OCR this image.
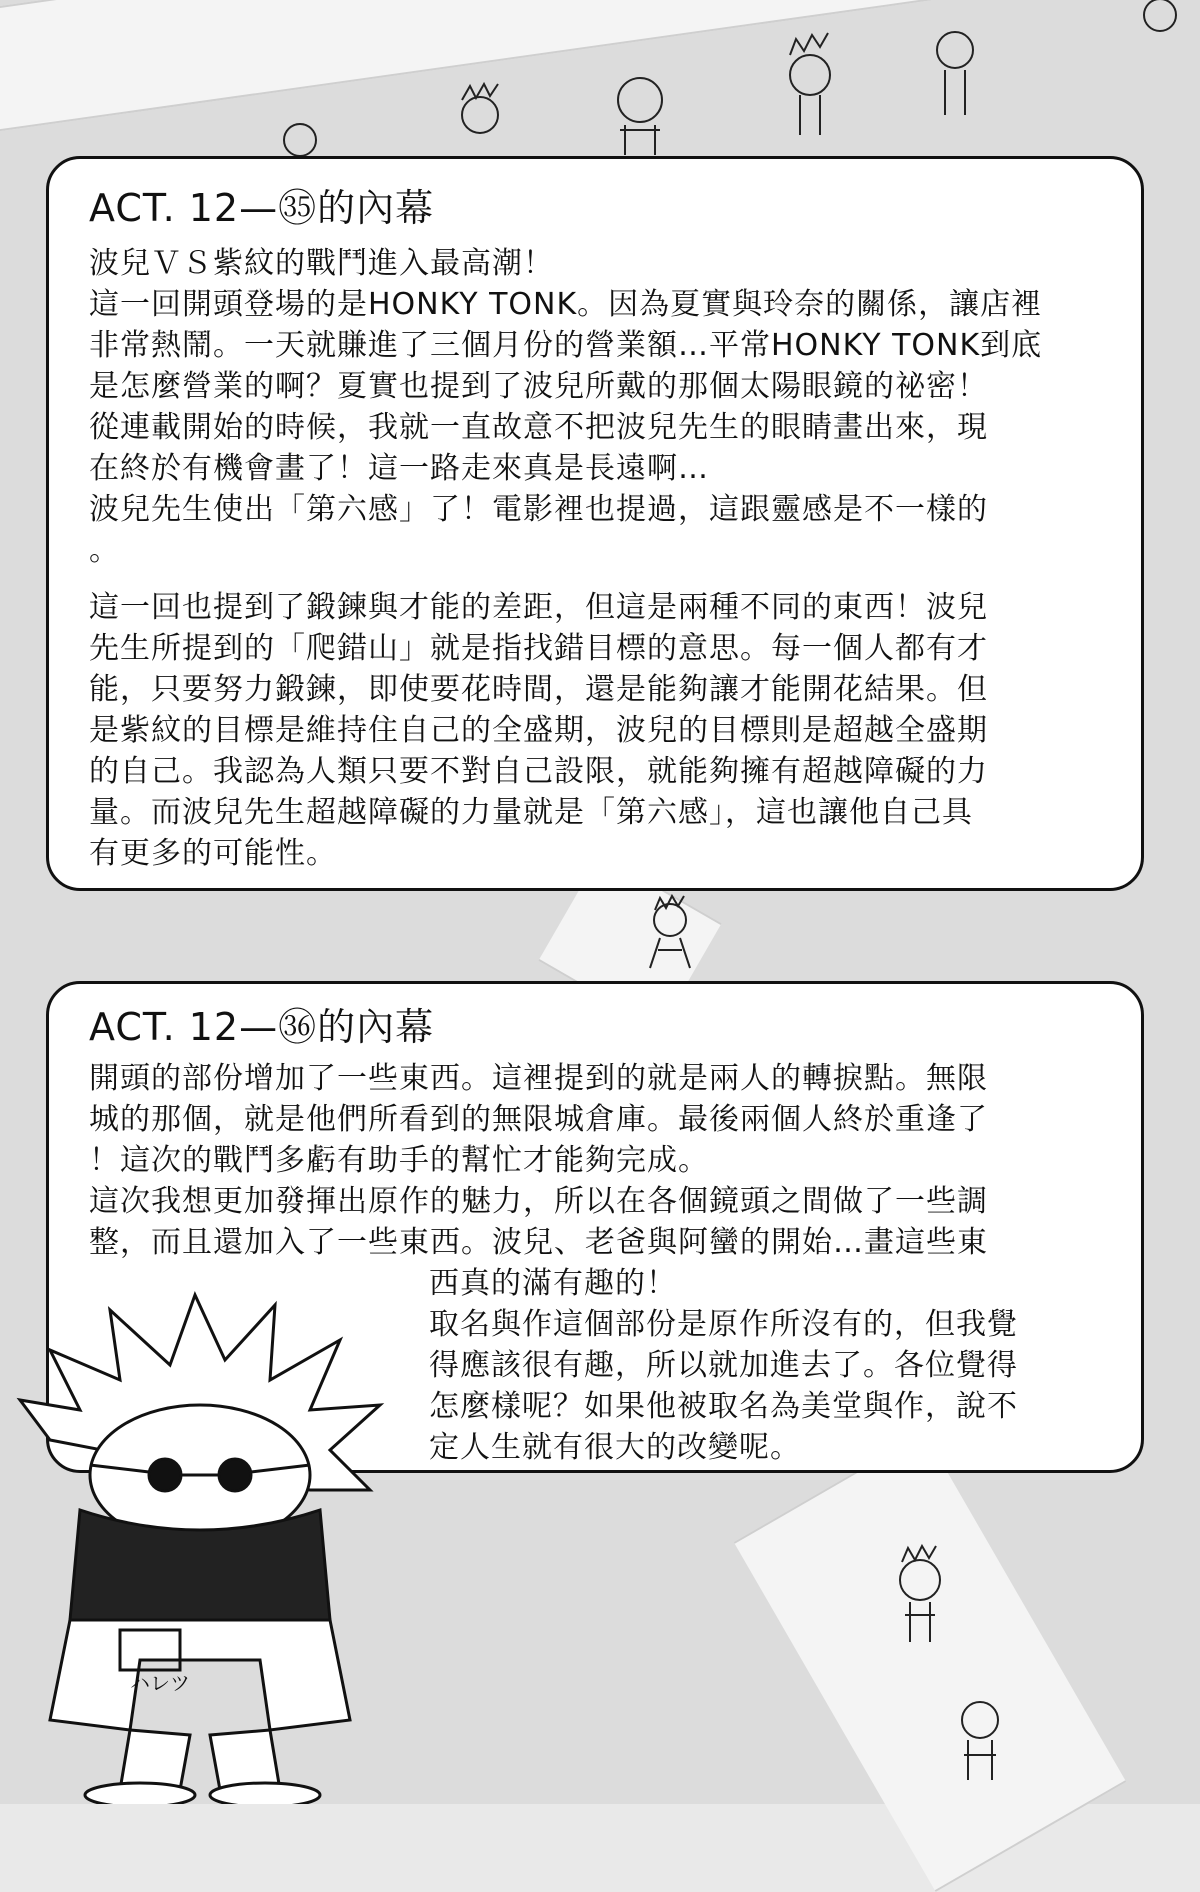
ACT. 12—㉟的內幕

波兒ＶＳ紫紋的戰鬥進入最高潮！
這一回開頭登場的是HONKY TONK。因為夏實與玲奈的關係，讓店裡
非常熱鬧。一天就賺進了三個月份的營業額…平常HONKY TONK到底
是怎麼營業的啊？夏實也提到了波兒所戴的那個太陽眼鏡的祕密！
從連載開始的時候，我就一直故意不把波兒先生的眼睛畫出來，現
在終於有機會畫了！這一路走來真是長遠啊…
波兒先生使出「第六感」了！電影裡也提過，這跟靈感是不一樣的
。

這一回也提到了鍛鍊與才能的差距，但這是兩種不同的東西！波兒
先生所提到的「爬錯山」就是指找錯目標的意思。每一個人都有才
能，只要努力鍛鍊，即使要花時間，還是能夠讓才能開花結果。但
是紫紋的目標是維持住自己的全盛期，波兒的目標則是超越全盛期
的自己。我認為人類只要不對自己設限，就能夠擁有超越障礙的力
量。而波兒先生超越障礙的力量就是「第六感」，這也讓他自己具
有更多的可能性。

ACT. 12—㊱的內幕

開頭的部份增加了一些東西。這裡提到的就是兩人的轉捩點。無限
城的那個，就是他們所看到的無限城倉庫。最後兩個人終於重逢了
！這次的戰鬥多虧有助手的幫忙才能夠完成。
這次我想更加發揮出原作的魅力，所以在各個鏡頭之間做了一些調
整，而且還加入了一些東西。波兒、老爸與阿蠻的開始…畫這些東

西真的滿有趣的！
取名與作這個部份是原作所沒有的，但我覺
得應該很有趣，所以就加進去了。各位覺得
怎麼樣呢？如果他被取名為美堂與作，說不
定人生就有很大的改變呢。

ハレツ
